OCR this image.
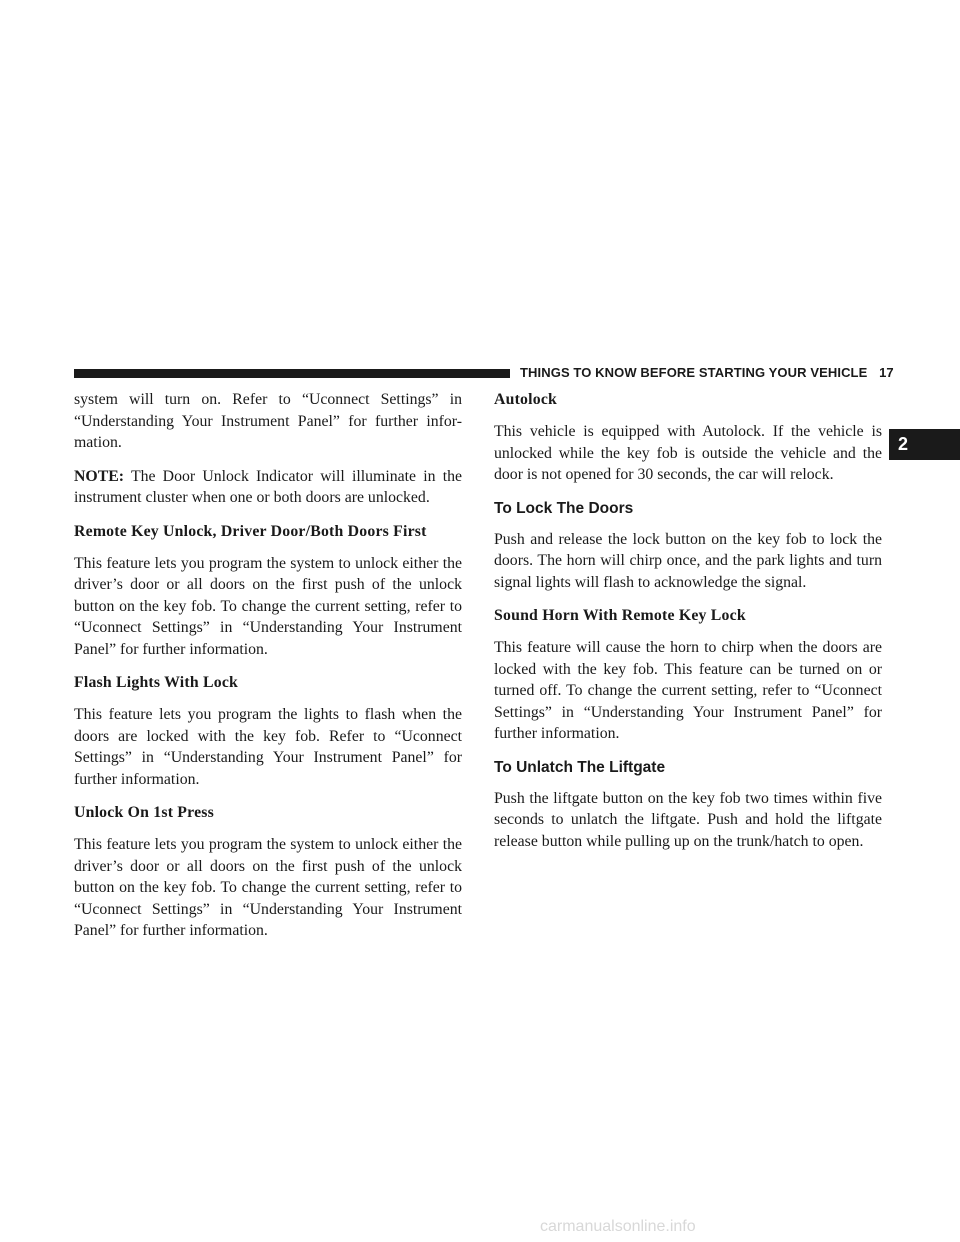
THINGS TO KNOW BEFORE STARTING YOUR VEHICLE 17
2

system will turn on. Refer to “Uconnect Settings” in “Understanding Your Instrument Panel” for further infor-mation.

NOTE: The Door Unlock Indicator will illuminate in the instrument cluster when one or both doors are unlocked.

Remote Key Unlock, Driver Door/Both Doors First

This feature lets you program the system to unlock either the driver’s door or all doors on the first push of the unlock button on the key fob. To change the current setting, refer to “Uconnect Settings” in “Understanding Your Instrument Panel” for further information.

Flash Lights With Lock

This feature lets you program the lights to flash when the doors are locked with the key fob. Refer to “Uconnect Settings” in “Understanding Your Instrument Panel” for further information.

Unlock On 1st Press

This feature lets you program the system to unlock either the driver’s door or all doors on the first push of the unlock button on the key fob. To change the current setting, refer to “Uconnect Settings” in “Understanding Your Instrument Panel” for further information.

Autolock

This vehicle is equipped with Autolock. If the vehicle is unlocked while the key fob is outside the vehicle and the door is not opened for 30 seconds, the car will relock.

To Lock The Doors

Push and release the lock button on the key fob to lock the doors. The horn will chirp once, and the park lights and turn signal lights will flash to acknowledge the signal.

Sound Horn With Remote Key Lock

This feature will cause the horn to chirp when the doors are locked with the key fob. This feature can be turned on or turned off. To change the current setting, refer to “Uconnect Settings” in “Understanding Your Instrument Panel” for further information.

To Unlatch The Liftgate

Push the liftgate button on the key fob two times within five seconds to unlatch the liftgate. Push and hold the liftgate release button while pulling up on the trunk/hatch to open.

carmanualsonline.info
